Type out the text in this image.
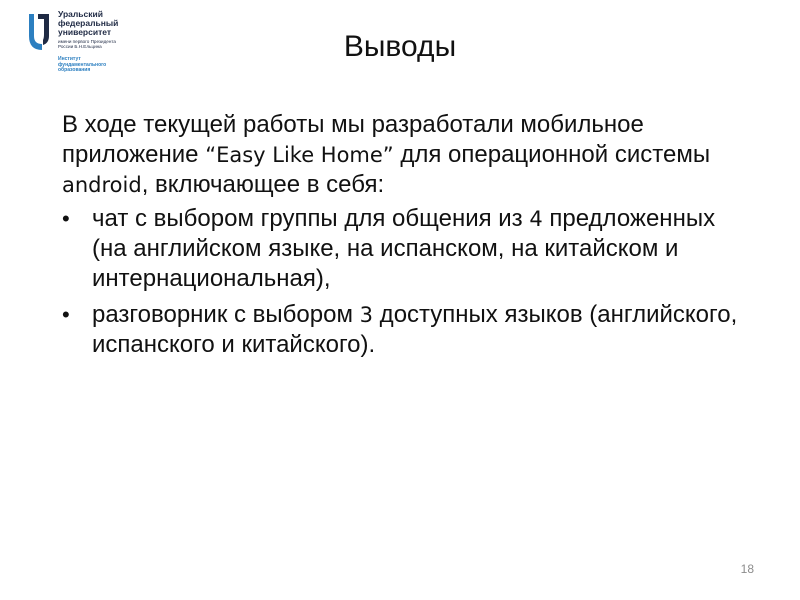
Уральский
федеральный
университет
имени первого Президента
России Б.Н.Ельцина
Институт
фундаментального
образования
Выводы

В ходе текущей работы мы разработали мобильное приложение “Easy Like Home” для операционной системы android, включающее в себя:

• чат с выбором группы для общения из 4 предложенных (на английском языке, на испанском, на китайском и интернациональная),
• разговорник с выбором 3 доступных языков (английского, испанского и китайского).
18
